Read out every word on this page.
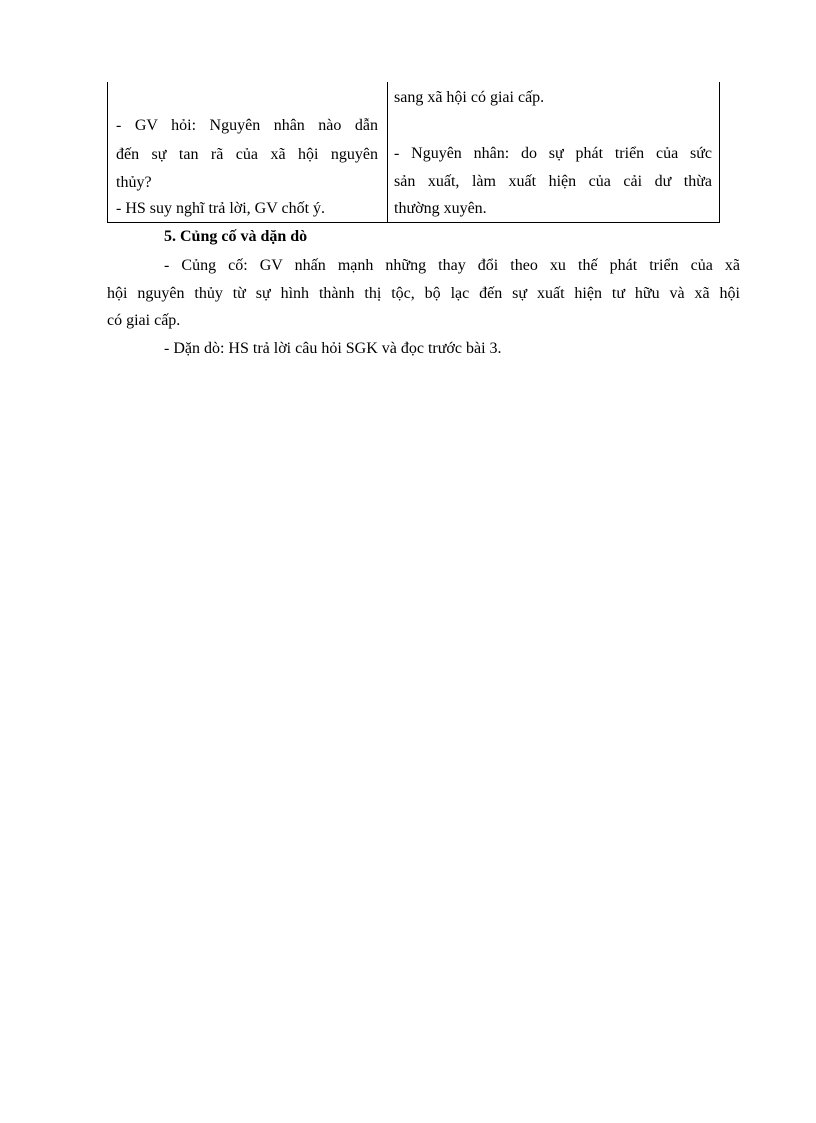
- GV hỏi: Nguyên nhân nào dẫn
đến sự tan rã của xã hội nguyên
thủy?
- HS suy nghĩ trả lời, GV chốt ý.
sang xã hội có giai cấp.
- Nguyên nhân: do sự phát triển của sức
sản xuất, làm xuất hiện của cải dư thừa
thường xuyên.
5. Củng cố và dặn dò
- Củng cố: GV nhấn mạnh những thay đổi theo xu thế phát triển của xã
hội nguyên thủy từ sự hình thành thị tộc, bộ lạc đến sự xuất hiện tư hữu và xã hội
có giai cấp.
- Dặn dò: HS trả lời câu hỏi SGK và đọc trước bài 3.
